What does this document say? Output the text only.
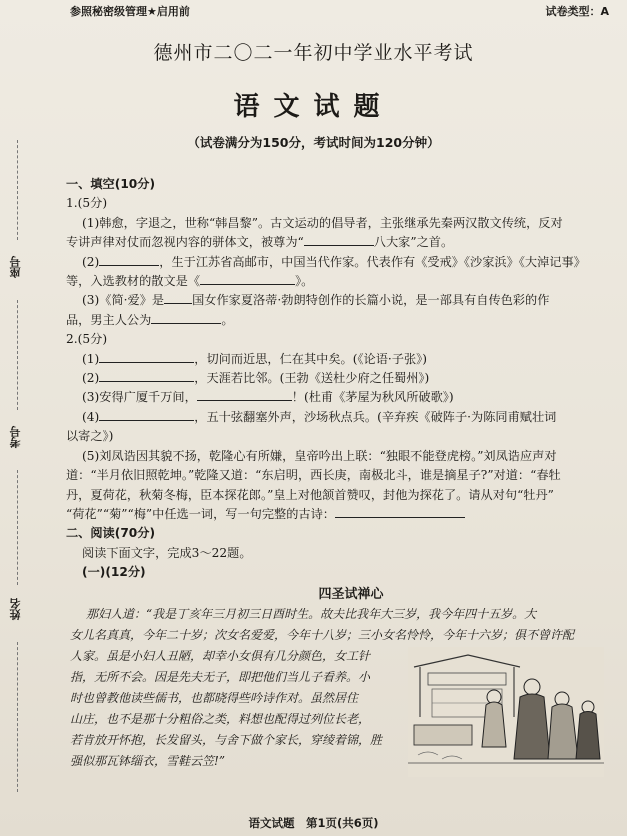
参照秘密级管理★启用前	试卷类型：A
德州市二〇二一年初中学业水平考试
语文试题
（试卷满分为150分，考试时间为120分钟）
座号
考号
姓名

一、填空(10分)

1.(5分)

(1)韩愈，字退之，世称“韩昌黎”。古文运动的倡导者，主张继承先秦两汉散文传统，反对

专讲声律对仗而忽视内容的骈体文，被尊为“	八大家”之首。

(2)	，生于江苏省高邮市，中国当代作家。代表作有《受戒》《沙家浜》《大淖记事》

等，入选教材的散文是《	》。

(3)《简·爱》是 国女作家夏洛蒂·勃朗特创作的长篇小说，是一部具有自传色彩的作

品，男主人公为	。

2.(5分)

(1)	，切问而近思，仁在其中矣。(《论语·子张》)

(2)	，天涯若比邻。(王勃《送杜少府之任蜀州》)

(3)安得广厦千万间，	！(杜甫《茅屋为秋风所破歌》)

(4)	，五十弦翻塞外声，沙场秋点兵。(辛弃疾《破阵子·为陈同甫赋壮词

以寄之》)

(5)刘凤诰因其貌不扬，乾隆心有所嫌，皇帝吟出上联：“独眼不能登虎榜。”刘凤诰应声对

道：“半月依旧照乾坤。”乾隆又道：“东启明，西长庚，南极北斗，谁是摘星子?”对道：“春牡

丹，夏荷花，秋菊冬梅，臣本探花郎。”皇上对他颔首赞叹，封他为探花了。请从对句“牡丹”

“荷花”“菊”“梅”中任选一词，写一句完整的古诗：

二、阅读(70分)

阅读下面文字，完成3～22题。

(一)(12分)

四圣试禅心

那妇人道：“我是丁亥年三月初三日酉时生。故夫比我年大三岁，我今年四十五岁。大
女儿名真真，今年二十岁；次女名爱爱，今年十八岁；三小女名怜怜，今年十六岁；俱不曾许配
人家。虽是小妇人丑陋，却幸小女俱有几分颜色，女工针
指，无所不会。因是先夫无子，即把他们当儿子看养。小
时也曾教他读些儒书，也都晓得些吟诗作对。虽然居住
山庄，也不是那十分粗俗之类，料想也配得过列位长老，
若肯放开怀抱，长发留头，与舍下做个家长，穿绫着锦，胜
强似那瓦钵缁衣，雪鞋云笠!”
语文试题　第1页(共6页)
